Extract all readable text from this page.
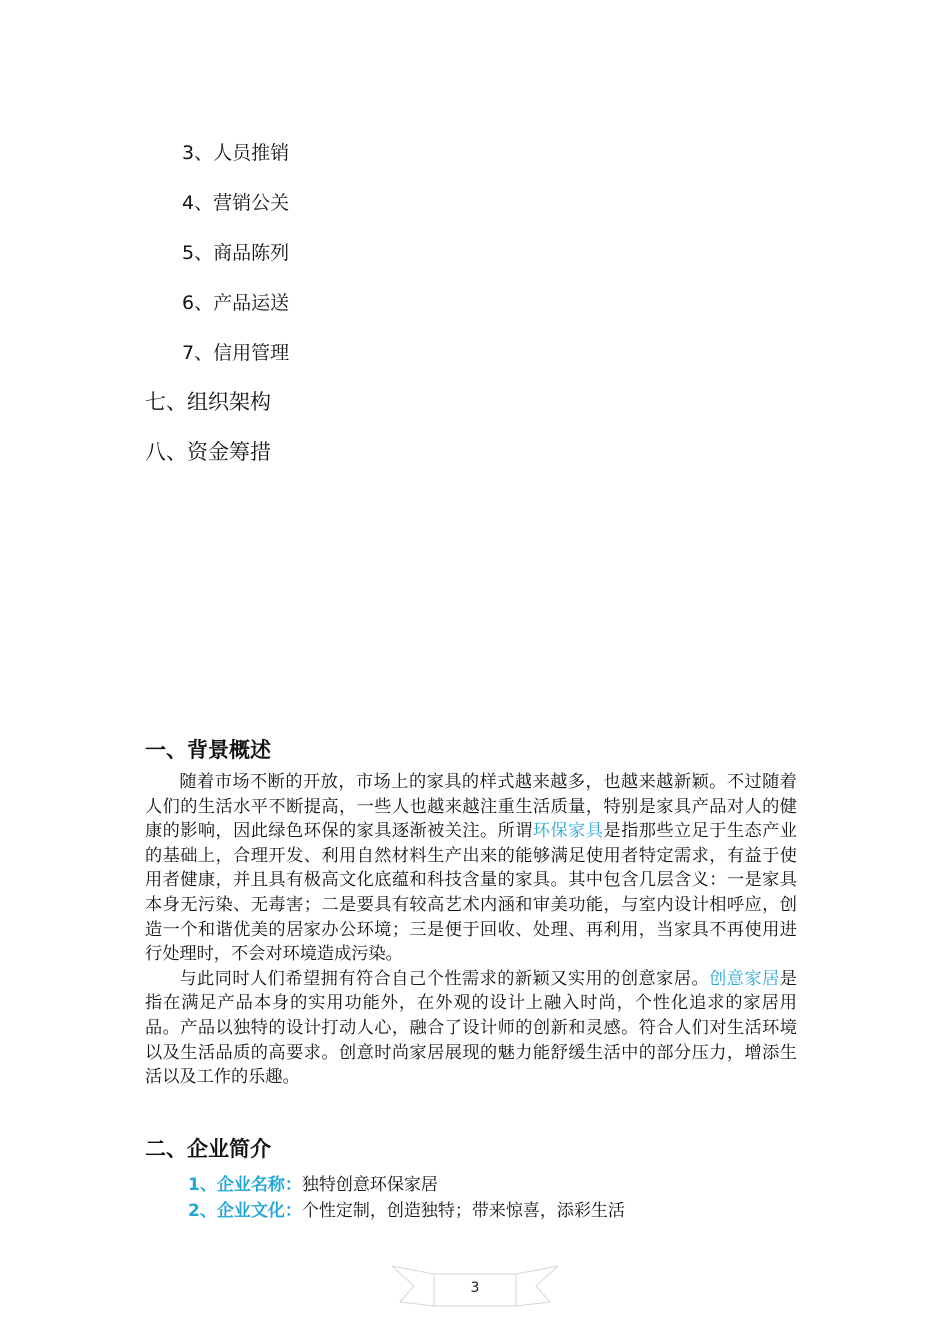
3、人员推销
4、营销公关
5、商品陈列
6、产品运送
7、信用管理
七、组织架构
八、资金筹措
一、背景概述

随着市场不断的开放，市场上的家具的样式越来越多，也越来越新颖。不过随着人们的生活水平不断提高，一些人也越来越注重生活质量，特别是家具产品对人的健康的影响，因此绿色环保的家具逐渐被关注。所谓环保家具是指那些立足于生态产业的基础上，合理开发、利用自然材料生产出来的能够满足使用者特定需求，有益于使用者健康，并且具有极高文化底蕴和科技含量的家具。其中包含几层含义：一是家具本身无污染、无毒害；二是要具有较高艺术内涵和审美功能，与室内设计相呼应，创造一个和谐优美的居家办公环境；三是便于回收、处理、再利用，当家具不再使用进行处理时，不会对环境造成污染。

与此同时人们希望拥有符合自己个性需求的新颖又实用的创意家居。创意家居是指在满足产品本身的实用功能外，在外观的设计上融入时尚，个性化追求的家居用品。产品以独特的设计打动人心，融合了设计师的创新和灵感。符合人们对生活环境以及生活品质的高要求。创意时尚家居展现的魅力能舒缓生活中的部分压力，增添生活以及工作的乐趣。

二、企业简介
1、企业名称：独特创意环保家居
2、企业文化：个性定制，创造独特；带来惊喜，添彩生活
3
